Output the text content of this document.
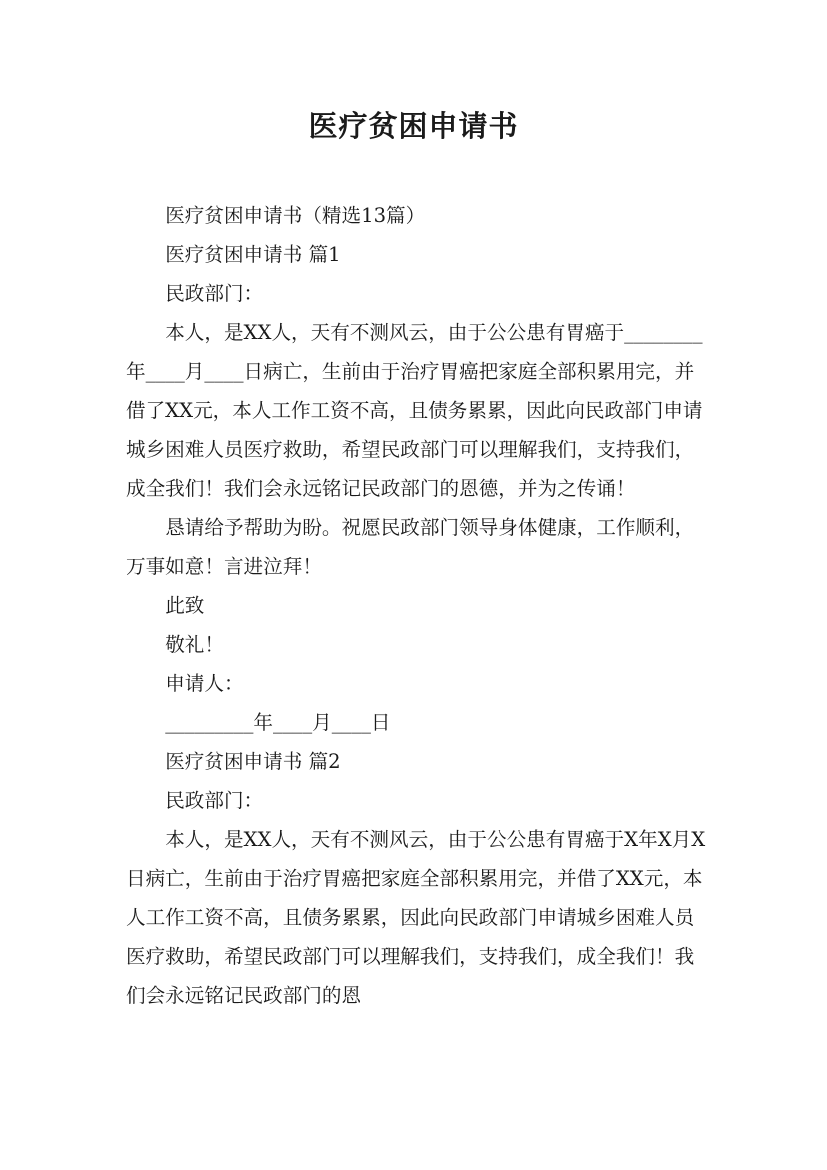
医疗贫困申请书

医疗贫困申请书（精选13篇）

医疗贫困申请书 篇1

民政部门：

本人，是XX人，天有不测风云，由于公公患有胃癌于________年____月____日病亡，生前由于治疗胃癌把家庭全部积累用完，并借了XX元，本人工作工资不高，且债务累累，因此向民政部门申请城乡困难人员医疗救助，希望民政部门可以理解我们，支持我们，成全我们！我们会永远铭记民政部门的恩德，并为之传诵！

恳请给予帮助为盼。祝愿民政部门领导身体健康，工作顺利，万事如意！言进泣拜！

此致

敬礼！

申请人：

_________年____月____日

医疗贫困申请书 篇2

民政部门：

本人，是XX人，天有不测风云，由于公公患有胃癌于X年X月X日病亡，生前由于治疗胃癌把家庭全部积累用完，并借了XX元，本人工作工资不高，且债务累累，因此向民政部门申请城乡困难人员医疗救助，希望民政部门可以理解我们，支持我们，成全我们！我们会永远铭记民政部门的恩
